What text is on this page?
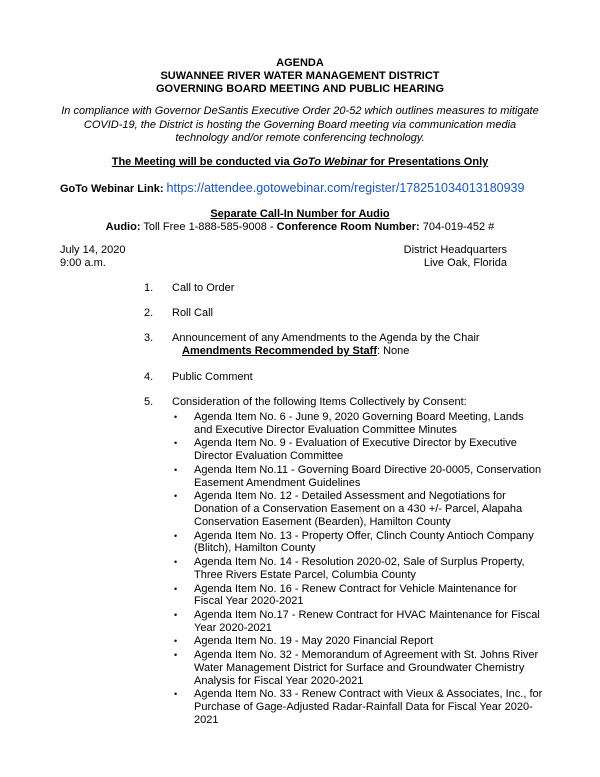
AGENDA
SUWANNEE RIVER WATER MANAGEMENT DISTRICT
GOVERNING BOARD MEETING AND PUBLIC HEARING
In compliance with Governor DeSantis Executive Order 20-52 which outlines measures to mitigate COVID-19, the District is hosting the Governing Board meeting via communication media technology and/or remote conferencing technology.
The Meeting will be conducted via GoTo Webinar for Presentations Only
GoTo Webinar Link: https://attendee.gotowebinar.com/register/178251034013180939
Separate Call-In Number for Audio
Audio: Toll Free 1-888-585-9008 - Conference Room Number: 704-019-452 #
July 14, 2020
9:00 a.m.
District Headquarters
Live Oak, Florida
1. Call to Order
2. Roll Call
3. Announcement of any Amendments to the Agenda by the Chair
Amendments Recommended by Staff: None
4. Public Comment
5. Consideration of the following Items Collectively by Consent:
• Agenda Item No. 6 - June 9, 2020 Governing Board Meeting, Lands and Executive Director Evaluation Committee Minutes
• Agenda Item No. 9 - Evaluation of Executive Director by Executive Director Evaluation Committee
• Agenda Item No.11 - Governing Board Directive 20-0005, Conservation Easement Amendment Guidelines
• Agenda Item No. 12 - Detailed Assessment and Negotiations for Donation of a Conservation Easement on a 430 +/- Parcel, Alapaha Conservation Easement (Bearden), Hamilton County
• Agenda Item No. 13 - Property Offer, Clinch County Antioch Company (Blitch), Hamilton County
• Agenda Item No. 14 - Resolution 2020-02, Sale of Surplus Property, Three Rivers Estate Parcel, Columbia County
• Agenda Item No. 16 - Renew Contract for Vehicle Maintenance for Fiscal Year 2020-2021
• Agenda Item No.17 - Renew Contract for HVAC Maintenance for Fiscal Year 2020-2021
• Agenda Item No. 19 - May 2020 Financial Report
• Agenda Item No. 32 - Memorandum of Agreement with St. Johns River Water Management District for Surface and Groundwater Chemistry Analysis for Fiscal Year 2020-2021
• Agenda Item No. 33 - Renew Contract with Vieux & Associates, Inc., for Purchase of Gage-Adjusted Radar-Rainfall Data for Fiscal Year 2020-2021
